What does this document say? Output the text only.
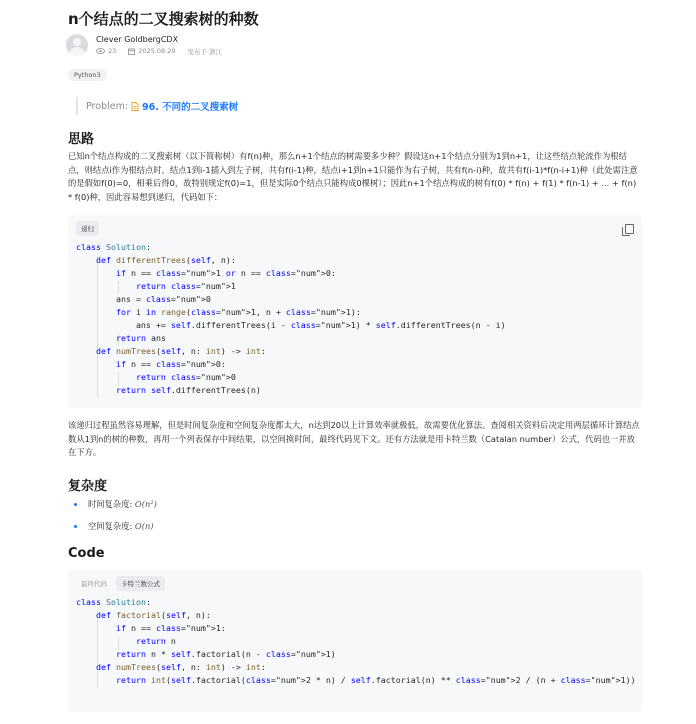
n个结点的二叉搜索树的种数
Clever GoldbergCDX
23	2025.08.29 发布于 浙江
Python3
Problem: 96. 不同的二叉搜索树
思路

已知n个结点构成的二叉搜索树（以下简称树）有f(n)种，那么n+1个结点的树需要多少种？假设这n+1个结点分别为1到n+1，让这些结点轮流作为根结点，则结点i作为根结点时，结点1到i-1插入到左子树，共有f(i-1)种，结点i+1到n+1只能作为右子树，共有f(n-i)种，故共有f(i-1)*f(n-i+1)种（此处需注意的是假如f(0)=0，相乘后得0，故特别规定f(0)=1，但是实际0个结点只能构成0棵树）；因此n+1个结点构成的树有f(0) * f(n) + f(1) * f(n-1) + ... + f(n) * f(0)种，因此容易想到递归，代码如下：

递归
class Solution:
def differentTrees(self, n):
if n == class="num">1 or n == class="num">0:
return class="num">1
ans = class="num">0
for i in range(class="num">1, n + class="num">1):
ans += self.differentTrees(i - class="num">1) * self.differentTrees(n - i)
return ans
def numTrees(self, n: int) -> int:
if n == class="num">0:
return class="num">0
return self.differentTrees(n)

该递归过程虽然容易理解，但是时间复杂度和空间复杂度都太大，n达到20以上计算效率就极低，故需要优化算法。查阅相关资料后决定用两层循环计算结点数从1到n的树的种数，再用一个列表保存中间结果，以空间换时间，最终代码见下文。还有方法就是用卡特兰数（Catalan number）公式，代码也一并放在下方。

复杂度
时间复杂度: O(n²)
空间复杂度: O(n)
Code
最终代码	卡特兰数公式
class Solution:
def factorial(self, n):
if n == class="num">1:
return n
return n * self.factorial(n - class="num">1)
def numTrees(self, n: int) -> int:
return int(self.factorial(class="num">2 * n) / self.factorial(n) ** class="num">2 / (n + class="num">1))
